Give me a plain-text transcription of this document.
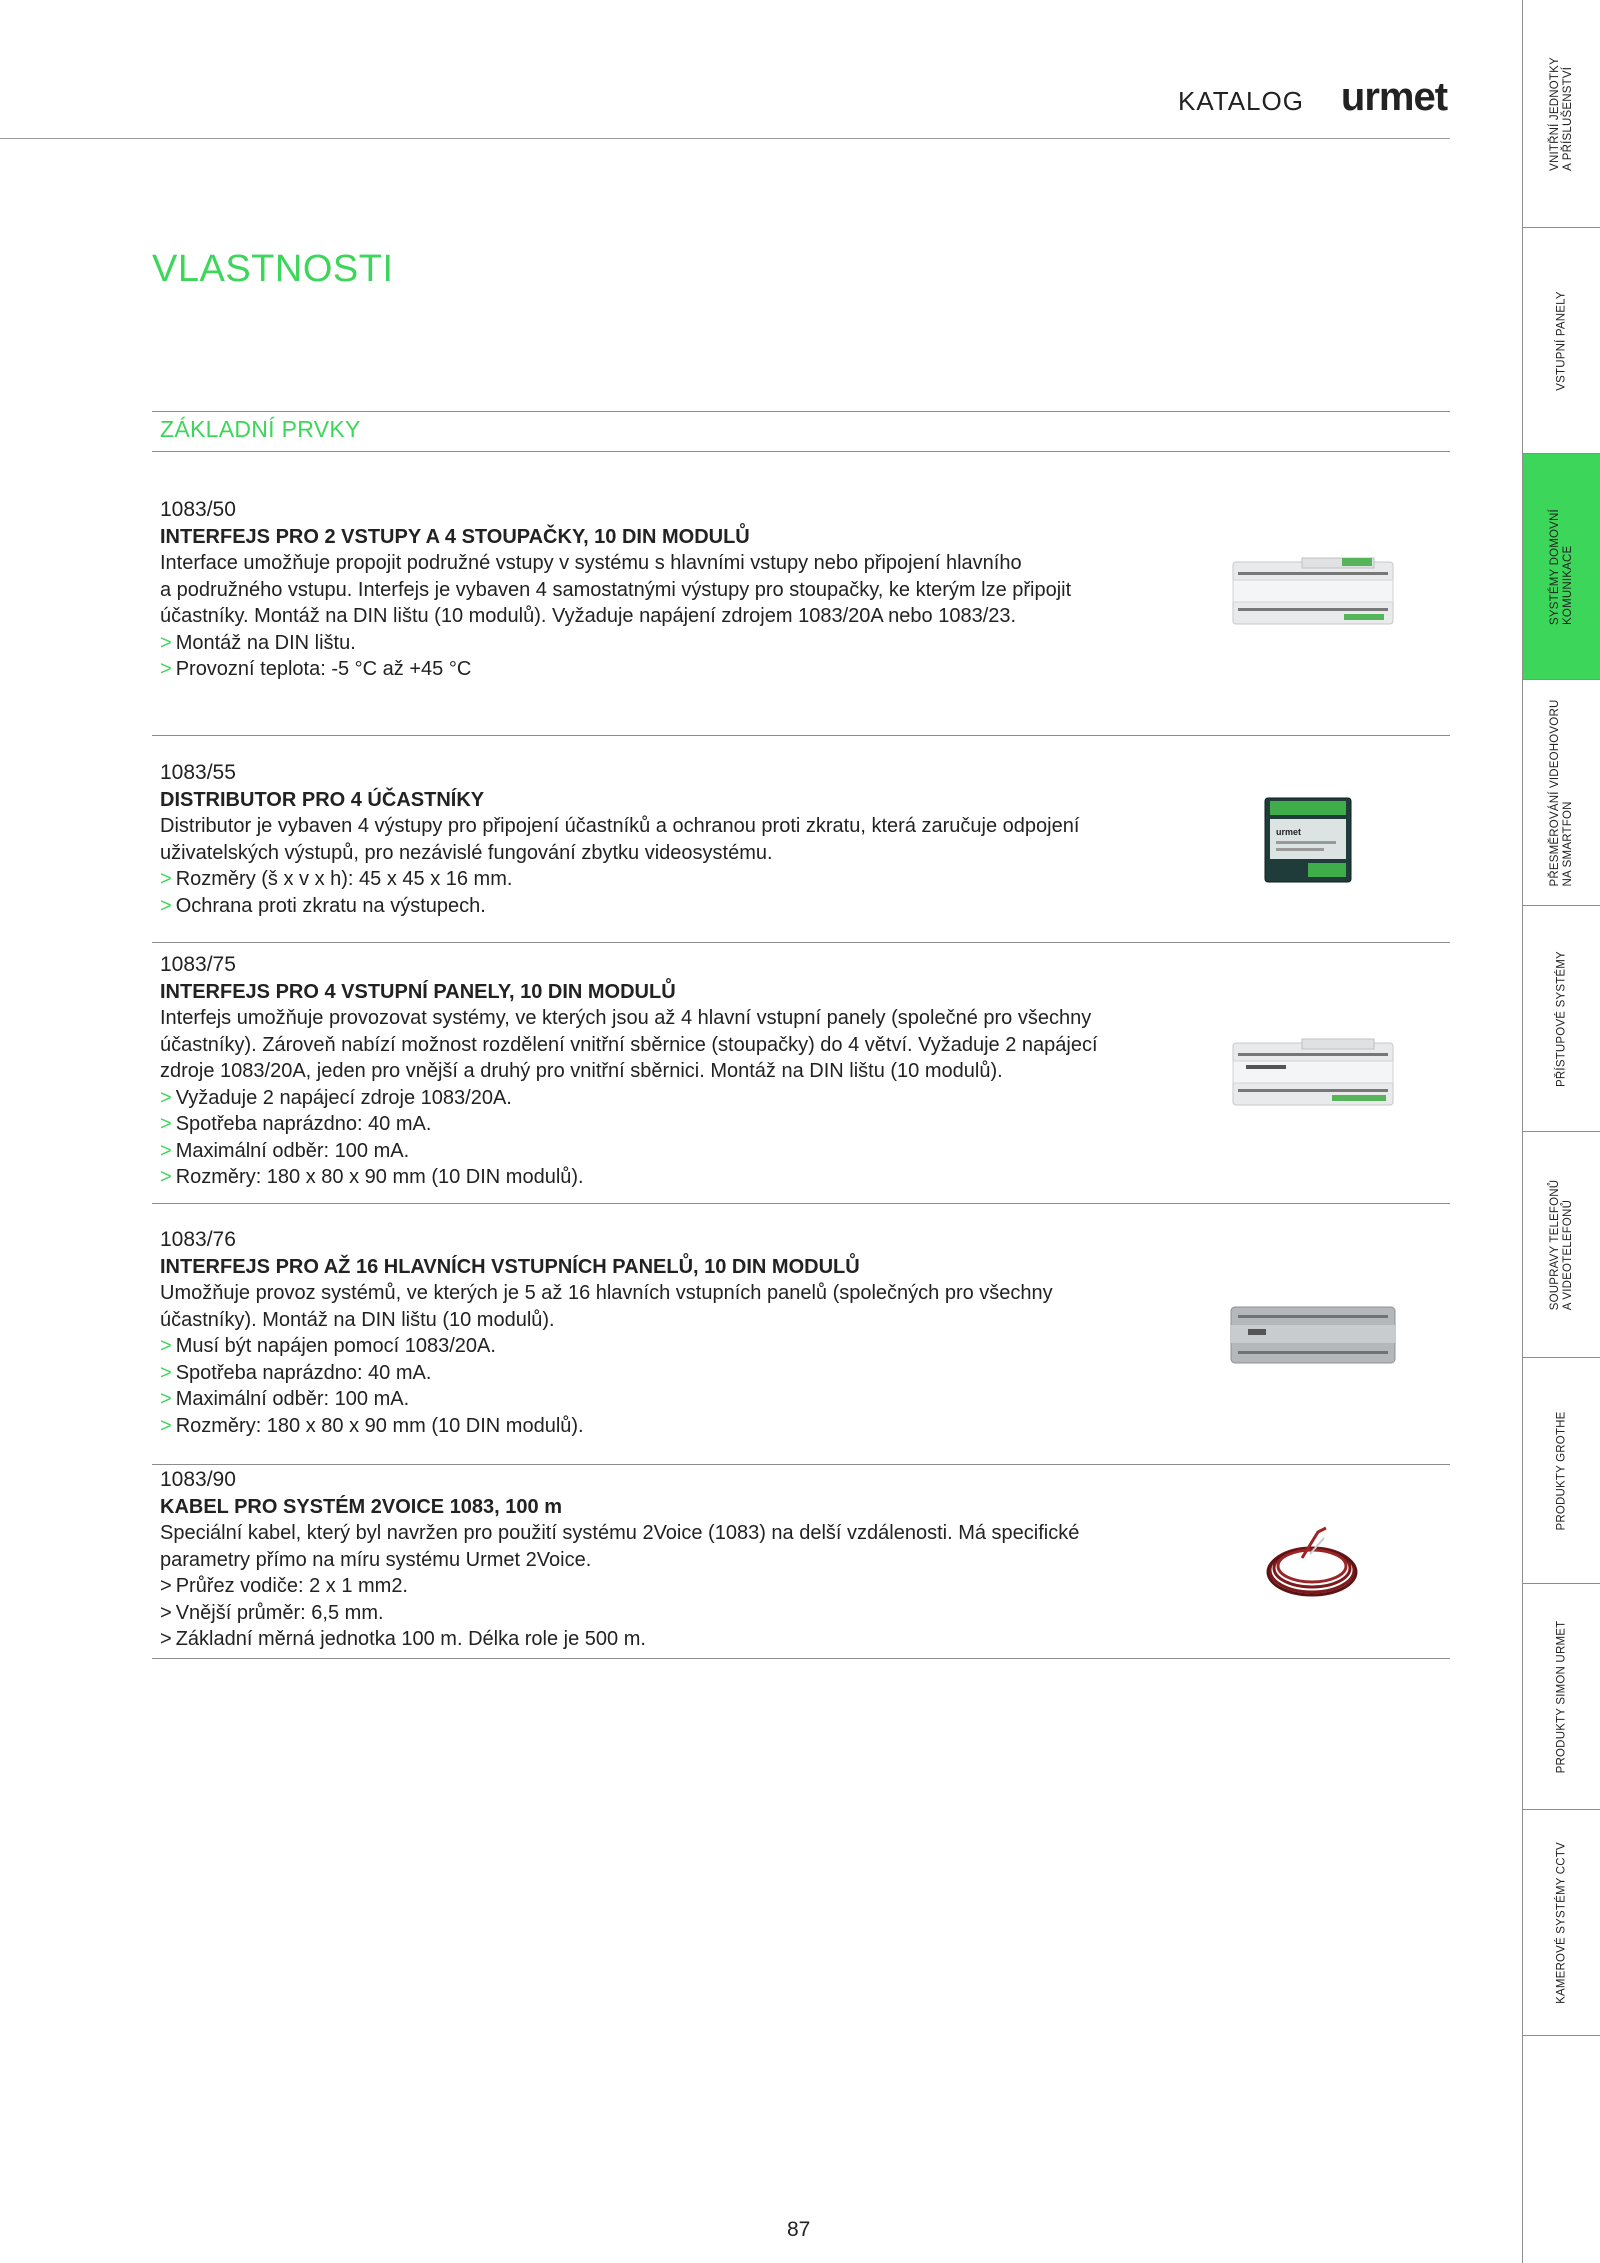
KATALOG urmet
VLASTNOSTI
ZÁKLADNÍ PRVKY
1083/50
INTERFEJS PRO 2 VSTUPY A 4 STOUPAČKY, 10 DIN MODULŮ
Interface umožňuje propojit podružné vstupy v systému s hlavními vstupy nebo připojení hlavního
a podružného vstupu. Interfejs je vybaven 4 samostatnými výstupy pro stoupačky, ke kterým lze připojit
účastníky. Montáž na DIN lištu (10 modulů). Vyžaduje napájení zdrojem 1083/20A nebo 1083/23.
> Montáž na DIN lištu.
> Provozní teplota: -5 °C až +45 °C
1083/55
DISTRIBUTOR PRO 4 ÚČASTNÍKY
Distributor je vybaven 4 výstupy pro připojení účastníků a ochranou proti zkratu, která zaručuje odpojení
uživatelských výstupů, pro nezávislé fungování zbytku videosystému.
> Rozměry (š x v x h): 45 x 45 x 16 mm.
> Ochrana proti zkratu na výstupech.
urmet
1083/75
INTERFEJS PRO 4 VSTUPNÍ PANELY, 10 DIN MODULŮ
Interfejs umožňuje provozovat systémy, ve kterých jsou až 4 hlavní vstupní panely (společné pro všechny
účastníky). Zároveň nabízí možnost rozdělení vnitřní sběrnice (stoupačky) do 4 větví. Vyžaduje 2 napájecí
zdroje 1083/20A, jeden pro vnější a druhý pro vnitřní sběrnici. Montáž na DIN lištu (10 modulů).
> Vyžaduje 2 napájecí zdroje 1083/20A.
> Spotřeba naprázdno: 40 mA.
> Maximální odběr: 100 mA.
> Rozměry: 180 x 80 x 90 mm (10 DIN modulů).
1083/76
INTERFEJS PRO AŽ 16 HLAVNÍCH VSTUPNÍCH PANELŮ, 10 DIN MODULŮ
Umožňuje provoz systémů, ve kterých je 5 až 16 hlavních vstupních panelů (společných pro všechny
účastníky). Montáž na DIN lištu (10 modulů).
> Musí být napájen pomocí 1083/20A.
> Spotřeba naprázdno: 40 mA.
> Maximální odběr: 100 mA.
> Rozměry: 180 x 80 x 90 mm (10 DIN modulů).
1083/90
KABEL PRO SYSTÉM 2VOICE 1083, 100 m
Speciální kabel, který byl navržen pro použití systému 2Voice (1083) na delší vzdálenosti. Má specifické
parametry přímo na míru systému Urmet 2Voice.
> Průřez vodiče: 2 x 1 mm2.
> Vnější průměr: 6,5 mm.
> Základní měrná jednotka 100 m. Délka role je 500 m.
87
VNITŘNÍ JEDNOTKY
A PŘÍSLUŠENSTVÍ
VSTUPNÍ PANELY
SYSTÉMY DOMOVNÍ
KOMUNIKACE
PŘESMĚROVÁNÍ VIDEOHOVORU
NA SMARTFON
PŘÍSTUPOVÉ SYSTÉMY
SOUPRAVY TELEFONŮ
A VIDEOTELEFONŮ
PRODUKTY GROTHE
PRODUKTY SIMON URMET
KAMEROVÉ SYSTÉMY CCTV
